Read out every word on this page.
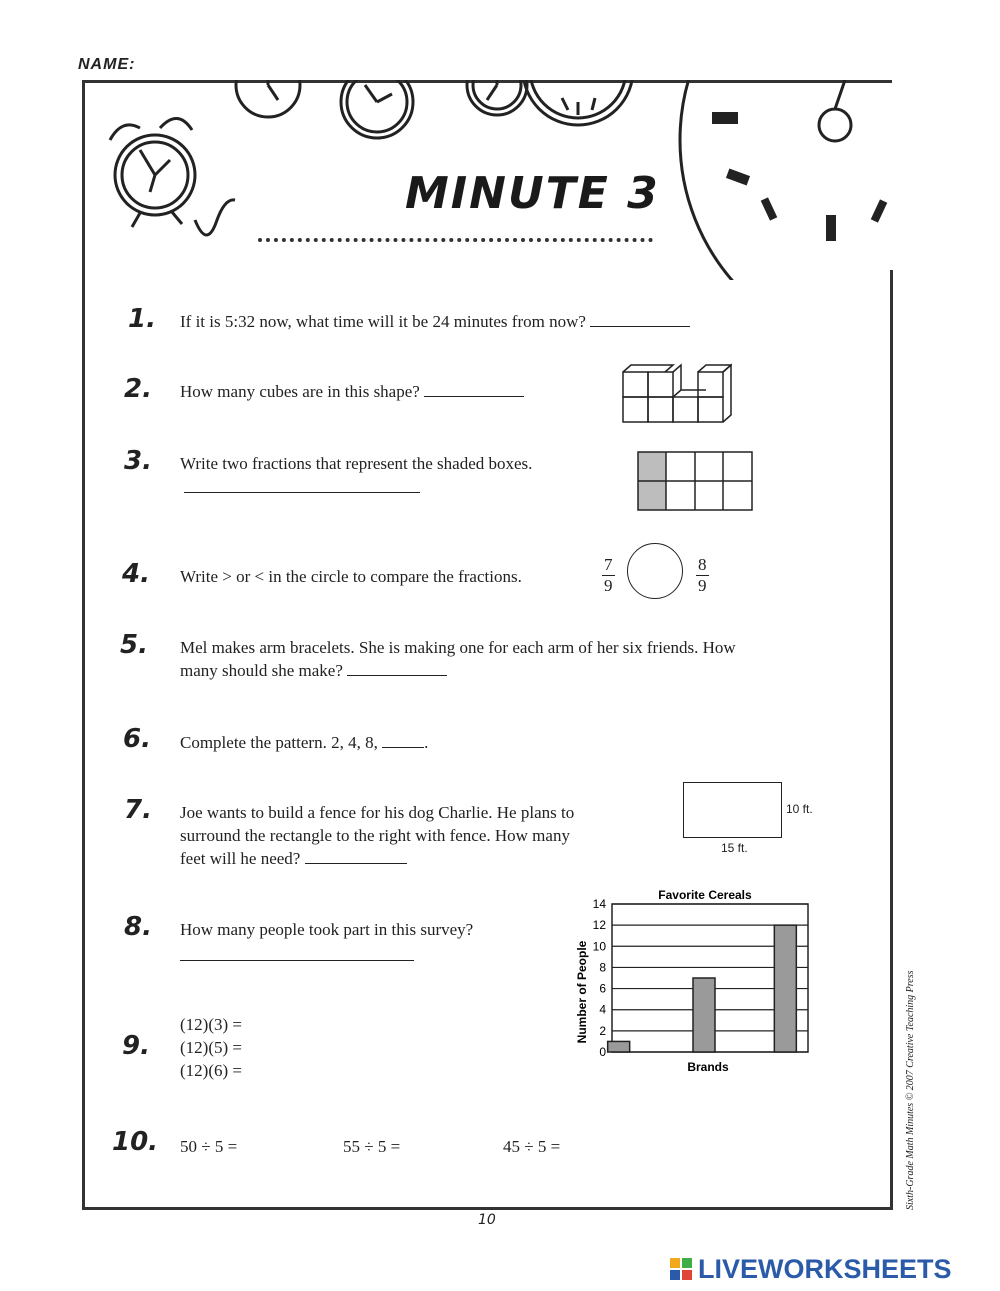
NAME:
MINUTE 3
1. If it is 5:32 now, what time will it be 24 minutes from now?
2. How many cubes are in this shape?
3. Write two fractions that represent the shaded boxes.
4. Write > or < in the circle to compare the fractions.	$\frac{7}{9}$	$\frac{8}{9}$
5. Mel makes arm bracelets. She is making one for each arm of her six friends. How
many should she make?
6. Complete the pattern. 2, 4, 8,	.
7. Joe wants to build a fence for his dog Charlie. He plans to
surround the rectangle to the right with fence. How many
feet will he need?
10 ft.
15 ft.
8. How many people took part in this survey?
Favorite Cereals
Brands
Number of People
0
2
4
6
8
10
12
14
9.
(12)(3) =
(12)(5) =
(12)(6) =
10. 50 ÷ 5 =	55 ÷ 5 =	45 ÷ 5 =
10
Sixth-Grade Math Minutes © 2007 Creative Teaching Press
LIVEWORKSHEETS
